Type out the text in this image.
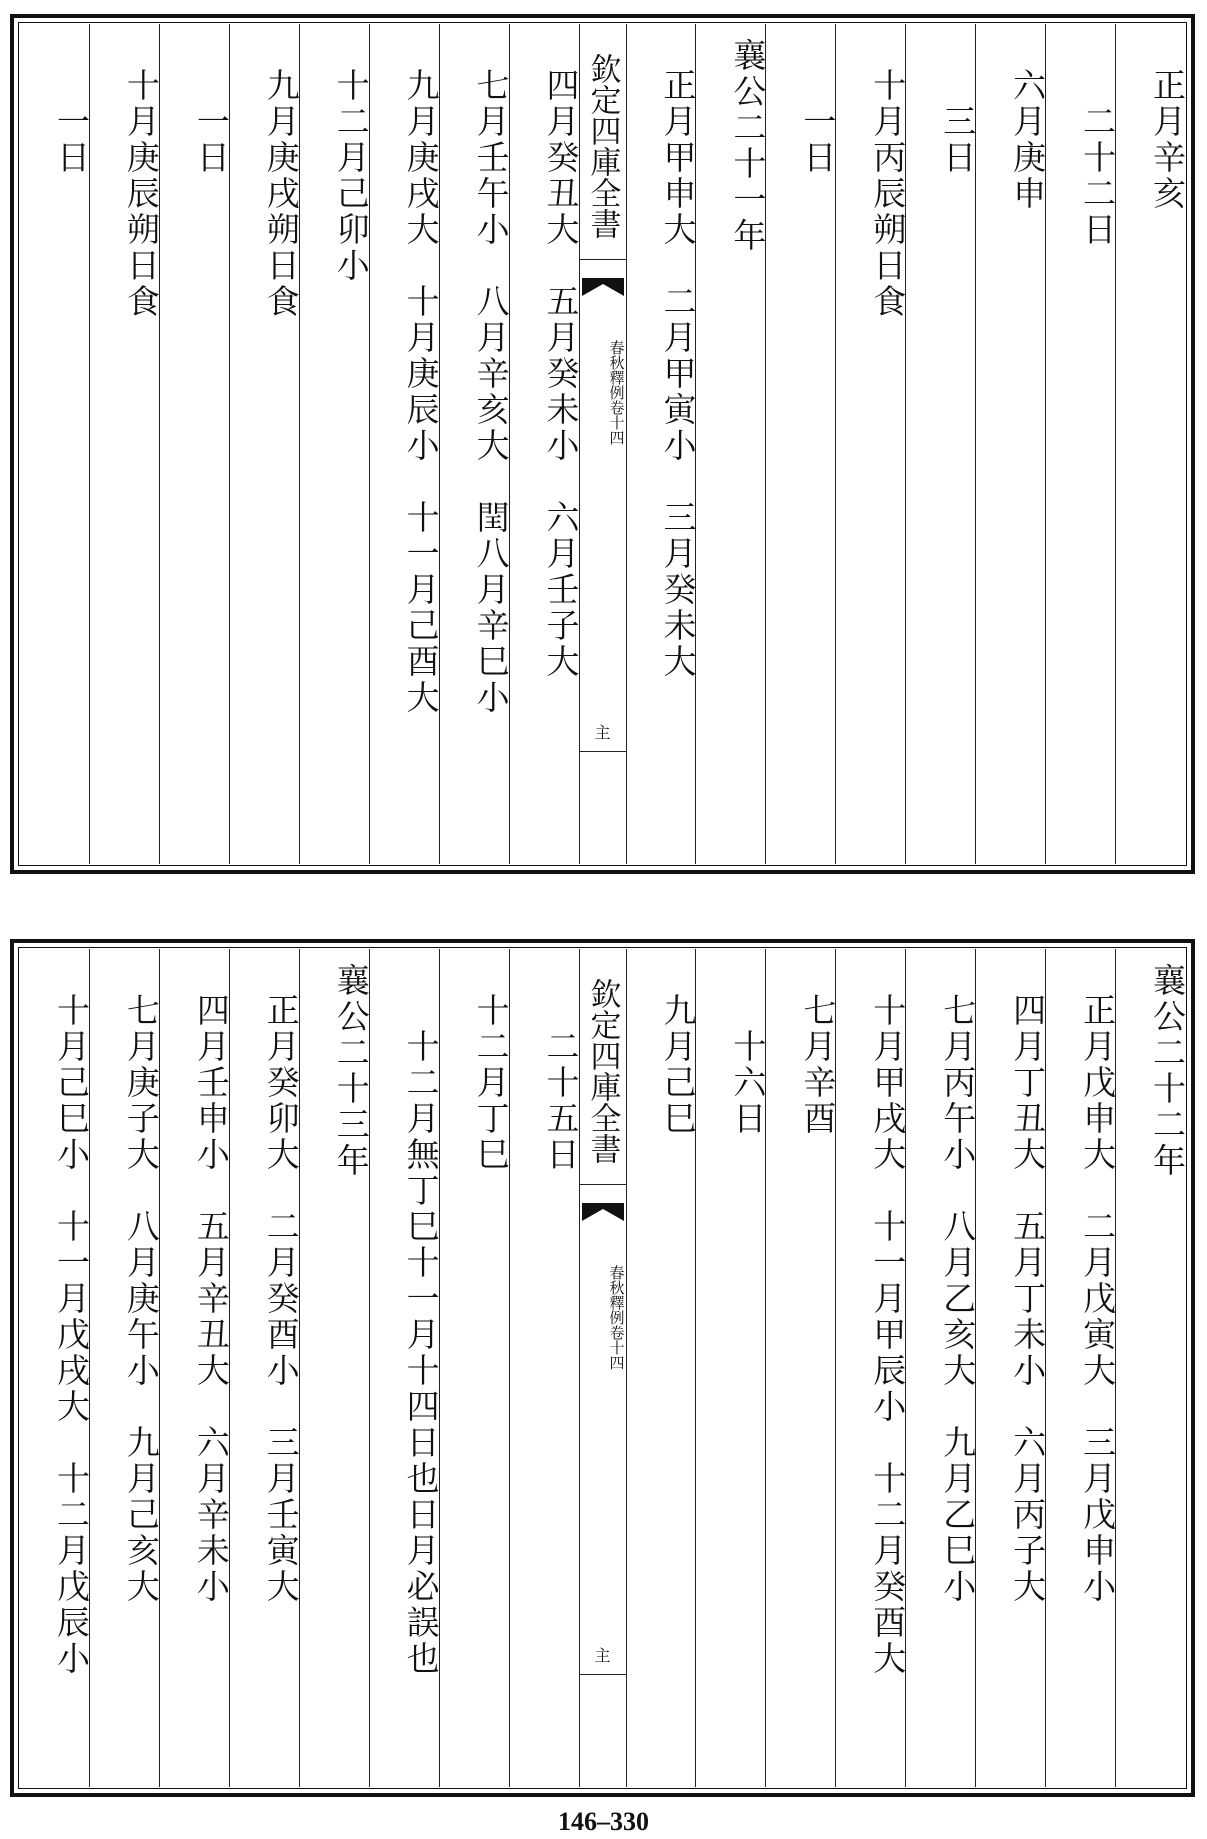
正月辛亥
二十二日
六月庚申
三日
十月丙辰朔日食
一日
襄公二十一年
正月甲申大　二月甲寅小　三月癸未大
欽定四庫全書
春秋釋例
卷十四
主
四月癸丑大　五月癸未小　六月壬子大
七月壬午小　八月辛亥大　閏八月辛巳小
九月庚戌大　十月庚辰小　十一月己酉大
十二月己卯小
九月庚戌朔日食
一日
十月庚辰朔日食
一日
襄公二十二年
正月戊申大　二月戊寅大　三月戊申小
四月丁丑大　五月丁未小　六月丙子大
七月丙午小　八月乙亥大　九月乙巳小
十月甲戌大　十一月甲辰小　十二月癸酉大
七月辛酉
十六日
九月己巳
欽定四庫全書
春秋釋例
卷十四
主
二十五日
十二月丁巳
十二月無丁巳十一月十四日也日月必誤也
襄公二十三年
正月癸卯大　二月癸酉小　三月壬寅大
四月壬申小　五月辛丑大　六月辛未小
七月庚子大　八月庚午小　九月己亥大
十月己巳小　十一月戊戌大　十二月戊辰小
146–330
